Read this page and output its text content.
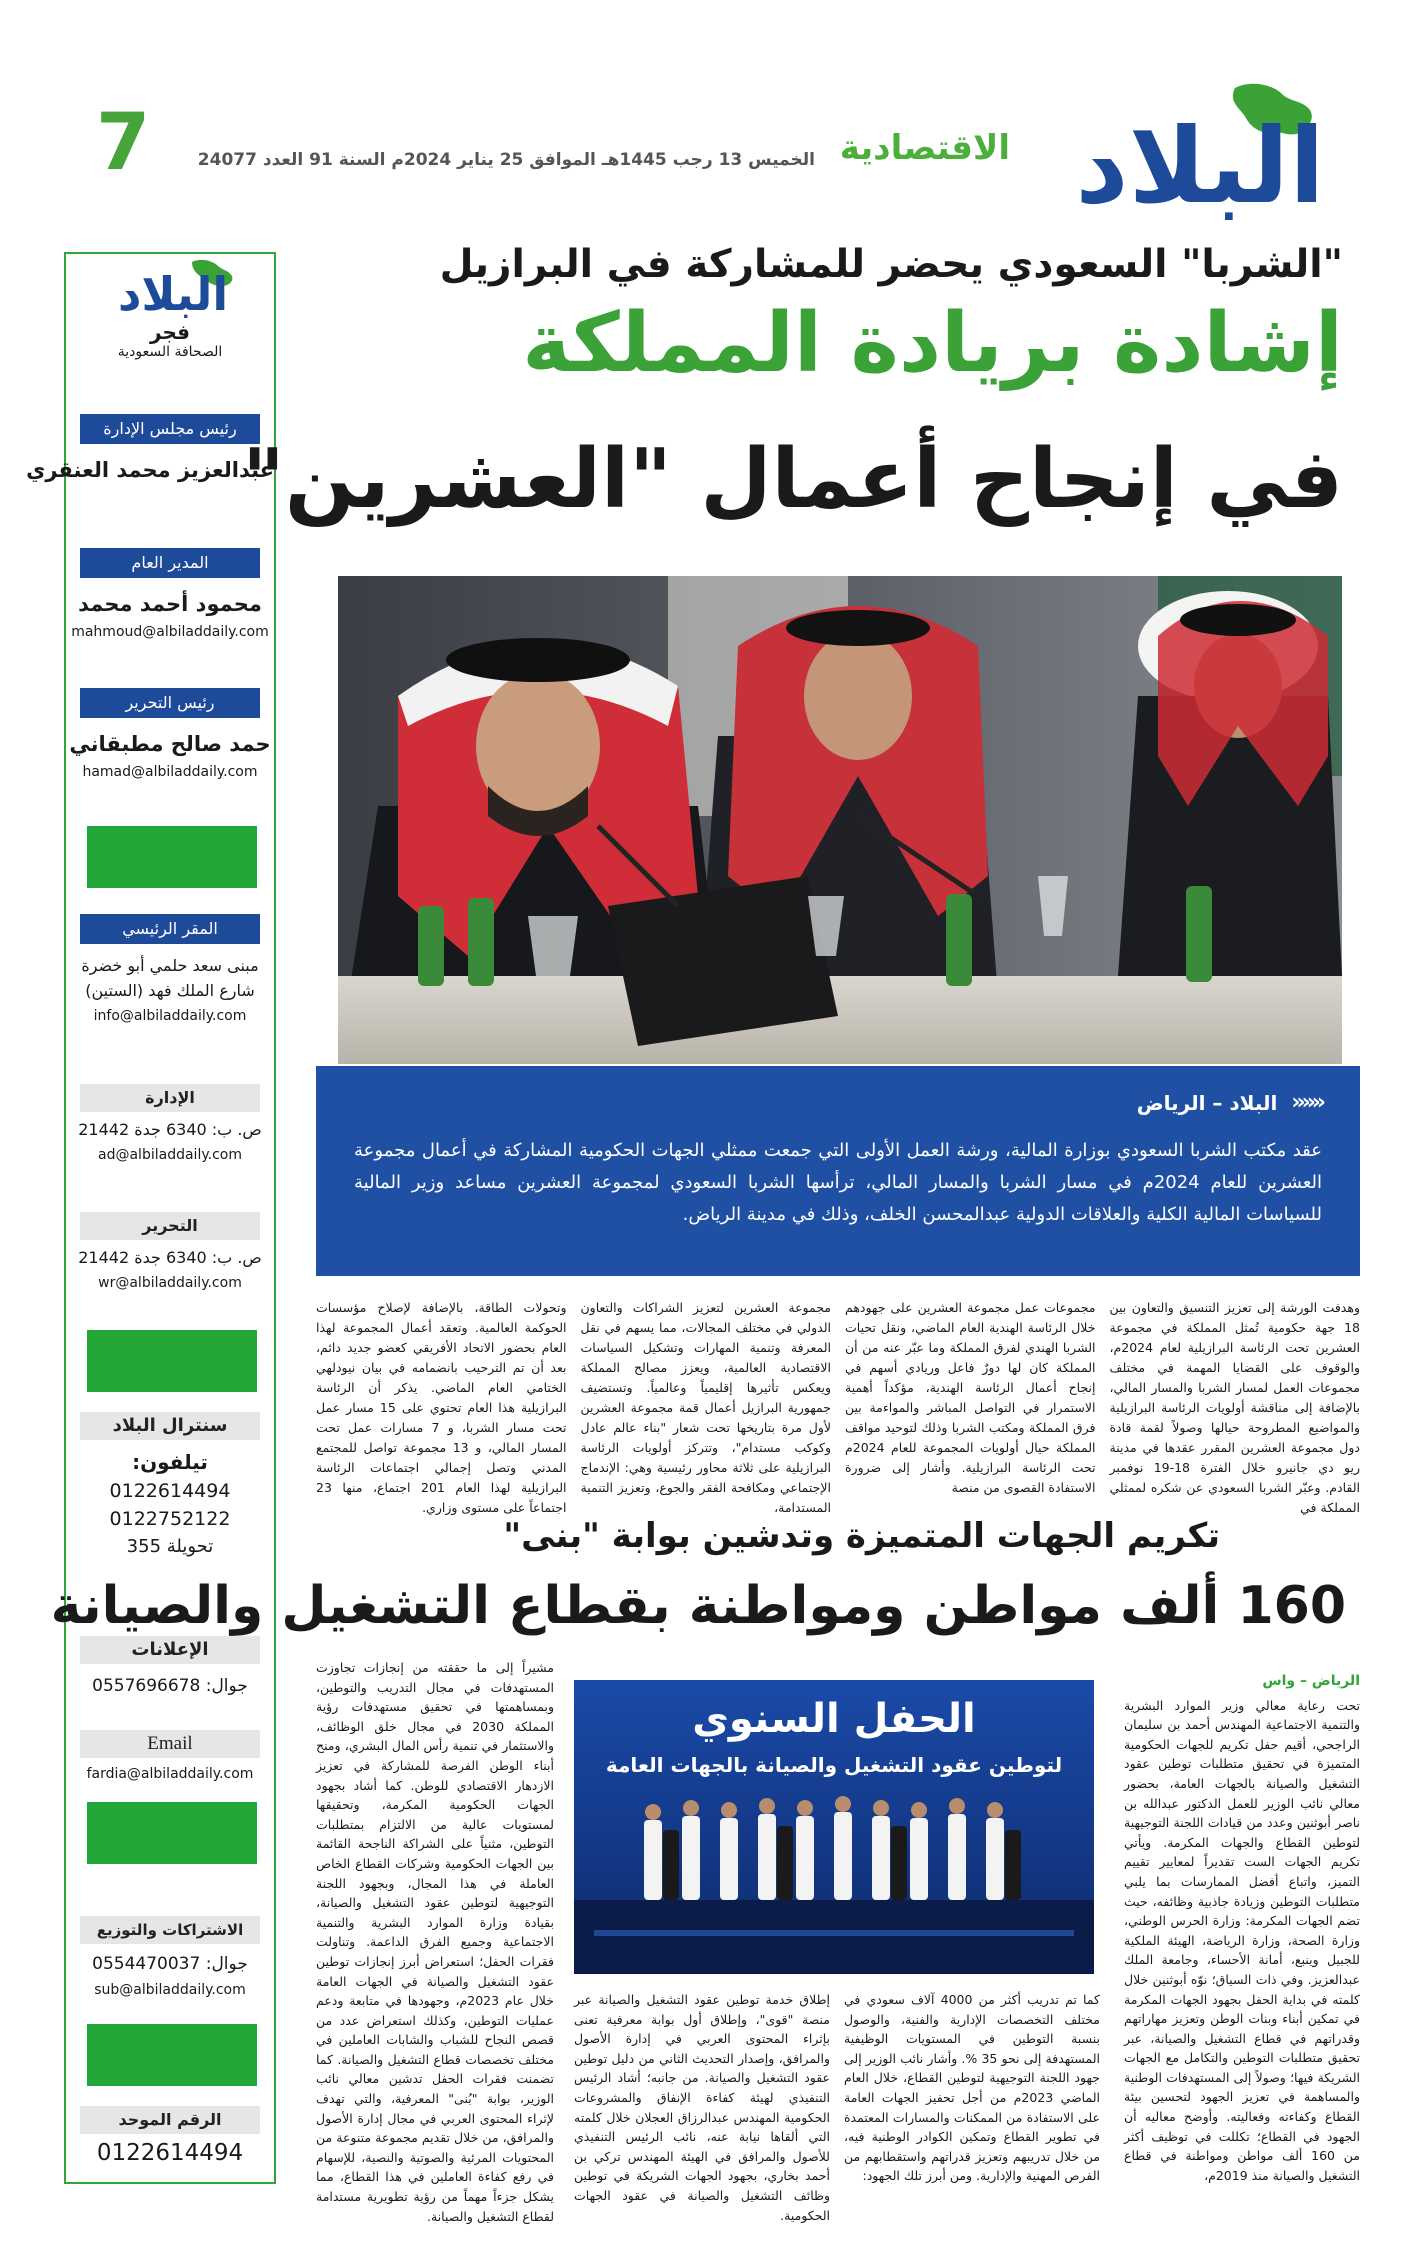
البلاد
الاقتصادية
الخميس 13 رجب 1445هـ الموافق 25 يناير 2024م السنة 91 العدد 24077
7
البلاد
فجر
الصحافة السعودية
رئيس مجلس الإدارة
عبدالعزيز محمد العنقري
المدير العام
محمود أحمد محمد
mahmoud@albiladdaily.com
رئيس التحرير
حمد صالح مطبقاني
hamad@albiladdaily.com
المقر الرئيسي
مبنى سعد حلمي أبو خضرة
شارع الملك فهد (الستين)
info@albiladdaily.com
الإدارة
ص. ب: 6340 جدة 21442
ad@albiladdaily.com
التحرير
ص. ب: 6340 جدة 21442
wr@albiladdaily.com
سنترال البلاد
تيلفون:
0122614494
0122752122
تحويلة 355
الإعلانات
جوال: 0557696678
Email
fardia@albiladdaily.com
الاشتراكات والتوزيع
جوال: 0554470037
sub@albiladdaily.com
الرقم الموحد
0122614494
"الشربا" السعودي يحضر للمشاركة في البرازيل
إشادة بريادة المملكة
في إنجاح أعمال "العشرين"
«««
البلاد – الرياض
عقد مكتب الشربا السعودي بوزارة المالية، ورشة العمل الأولى التي جمعت ممثلي الجهات الحكومية المشاركة في أعمال مجموعة العشرين للعام 2024م في مسار الشربا والمسار المالي، ترأسها الشربا السعودي لمجموعة العشرين مساعد وزير المالية للسياسات المالية الكلية والعلاقات الدولية عبدالمحسن الخلف، وذلك في مدينة الرياض.
وهدفت الورشة إلى تعزيز التنسيق والتعاون بين 18 جهة حكومية تُمثل المملكة في مجموعة العشرين تحت الرئاسة البرازيلية لعام 2024م، والوقوف على القضايا المهمة في مختلف مجموعات العمل لمسار الشربا والمسار المالي، بالإضافة إلى مناقشة أولويات الرئاسة البرازيلية والمواضيع المطروحة حيالها وصولاً لقمة قادة دول مجموعة العشرين المقرر عقدها في مدينة ريو دي جانيرو خلال الفترة 18-19 نوفمبر القادم. وعبّر الشربا السعودي عن شكره لممثلي المملكة في
مجموعات عمل مجموعة العشرين على جهودهم خلال الرئاسة الهندية العام الماضي، ونقل تحيات الشربا الهندي لفرق المملكة وما عبّر عنه من أن المملكة كان لها دورٌ فاعل وريادي أسهم في إنجاح أعمال الرئاسة الهندية، مؤكداً أهمية الاستمرار في التواصل المباشر والمواءمة بين فرق المملكة ومكتب الشربا وذلك لتوحيد مواقف المملكة حيال أولويات المجموعة للعام 2024م تحت الرئاسة البرازيلية. وأشار إلى ضرورة الاستفادة القصوى من منصة
مجموعة العشرين لتعزيز الشراكات والتعاون الدولي في مختلف المجالات، مما يسهم في نقل المعرفة وتنمية المهارات وتشكيل السياسات الاقتصادية العالمية، ويعزز مصالح المملكة ويعكس تأثيرها إقليمياً وعالمياً. وتستضيف جمهورية البرازيل أعمال قمة مجموعة العشرين لأول مرة بتاريخها تحت شعار "بناء عالم عادل وكوكب مستدام"، وتتركز أولويات الرئاسة البرازيلية على ثلاثة محاور رئيسية وهي: الإندماج الإجتماعي ومكافحة الفقر والجوع، وتعزيز التنمية المستدامة،
وتحولات الطاقة، بالإضافة لإصلاح مؤسسات الحوكمة العالمية. وتعقد أعمال المجموعة لهذا العام بحضور الاتحاد الأفريقي كعضو جديد دائم، بعد أن تم الترحيب بانضمامه في بيان نيودلهي الختامي العام الماضي. يذكر أن الرئاسة البرازيلية هذا العام تحتوي على 15 مسار عمل تحت مسار الشربا، و 7 مسارات عمل تحت المسار المالي، و 13 مجموعة تواصل للمجتمع المدني وتصل إجمالي اجتماعات الرئاسة البرازيلية لهذا العام 201 اجتماع، منها 23 اجتماعاً على مستوى وزاري.
تكريم الجهات المتميزة وتدشين بوابة "بنى"
160 ألف مواطن ومواطنة بقطاع التشغيل والصيانة
الرياض – واس
تحت رعاية معالي وزير الموارد البشرية والتنمية الاجتماعية المهندس أحمد بن سليمان الراجحي، أقيم حفل تكريم للجهات الحكومية المتميزة في تحقيق متطلبات توطين عقود التشغيل والصيانة بالجهات العامة، بحضور معالي نائب الوزير للعمل الدكتور عبدالله بن ناصر أبوثنين وعدد من قيادات اللجنة التوجيهية لتوطين القطاع والجهات المكرمة. ويأتي تكريم الجهات الست تقديراً لمعايير تقييم التميز، واتباع أفضل الممارسات بما يلبي متطلبات التوطين وزيادة جاذبية وظائفه، حيث تضم الجهات المكرمة: وزارة الحرس الوطني، وزارة الصحة، وزارة الرياضة، الهيئة الملكية للجبيل وينبع، أمانة الأحساء، وجامعة الملك عبدالعزيز. وفي ذات السياق؛ نوّه أبوثنين خلال كلمته في بداية الحفل بجهود الجهات المكرمة في تمكين أبناء وبنات الوطن وتعزيز مهاراتهم وقدراتهم في قطاع التشغيل والصيانة، عبر تحقيق متطلبات التوطين والتكامل مع الجهات الشريكة فيها؛ وصولاً إلى المستهدفات الوطنية والمساهمة في تعزيز الجهود لتحسين بيئة القطاع وكفاءته وفعاليته. وأوضح معاليه أن الجهود في القطاع؛ تكللت في توظيف أكثر من 160 ألف مواطن ومواطنة في قطاع التشغيل والصيانة منذ 2019م،
الحفل السنوي
لتوطين عقود التشغيل والصيانة بالجهات العامة
كما تم تدريب أكثر من 4000 آلاف سعودي في مختلف التخصصات الإدارية والفنية، والوصول بنسبة التوطين في المستويات الوظيفية المستهدفة إلى نحو 35 %. وأشار نائب الوزير إلى جهود اللجنة التوجيهية لتوطين القطاع، خلال العام الماضي 2023م من أجل تحفيز الجهات العامة على الاستفادة من الممكنات والمسارات المعتمدة في تطوير القطاع وتمكين الكوادر الوطنية فيه، من خلال تدريبهم وتعزيز قدراتهم واستقطابهم من الفرص المهنية والإدارية. ومن أبرز تلك الجهود:
إطلاق خدمة توطين عقود التشغيل والصيانة عبر منصة "قوى"، وإطلاق أول بوابة معرفية تعنى بإثراء المحتوى العربي في إدارة الأصول والمرافق، وإصدار التحديث الثاني من دليل توطين عقود التشغيل والصيانة. من جانبه؛ أشاد الرئيس التنفيذي لهيئة كفاءة الإنفاق والمشروعات الحكومية المهندس عبدالرزاق العجلان خلال كلمته التي ألقاها نيابة عنه، نائب الرئيس التنفيذي للأصول والمرافق في الهيئة المهندس تركي بن أحمد بخاري، بجهود الجهات الشريكة في توطين وظائف التشغيل والصيانة في عقود الجهات الحكومية.
مشيراً إلى ما حققته من إنجازات تجاوزت المستهدفات في مجال التدريب والتوطين، وبمساهمتها في تحقيق مستهدفات رؤية المملكة 2030 في مجال خلق الوظائف، والاستثمار في تنمية رأس المال البشري، ومنح أبناء الوطن الفرصة للمشاركة في تعزيز الازدهار الاقتصادي للوطن. كما أشاد بجهود الجهات الحكومية المكرمة، وتحقيقها لمستويات عالية من الالتزام بمتطلبات التوطين، مثنياً على الشراكة الناجحة القائمة بين الجهات الحكومية وشركات القطاع الخاص العاملة في هذا المجال، وبجهود اللجنة التوجيهية لتوطين عقود التشغيل والصيانة، بقيادة وزارة الموارد البشرية والتنمية الاجتماعية وجميع الفرق الداعمة. وتناولت فقرات الحفل؛ استعراض أبرز إنجازات توطين عقود التشغيل والصيانة في الجهات العامة خلال عام 2023م، وجهودها في متابعة ودعم عمليات التوطين، وكذلك استعراض عدد من قصص النجاح للشباب والشابات العاملين في مختلف تخصصات قطاع التشغيل والصيانة. كما تضمنت فقرات الحفل تدشين معالي نائب الوزير، بوابة "بُنى" المعرفية، والتي تهدف لإثراء المحتوى العربي في مجال إدارة الأصول والمرافق، من خلال تقديم مجموعة متنوعة من المحتويات المرئية والصوتية والنصية، للإسهام في رفع كفاءة العاملين في هذا القطاع، مما يشكل جزءاً مهماً من رؤية تطويرية مستدامة لقطاع التشغيل والصيانة.
